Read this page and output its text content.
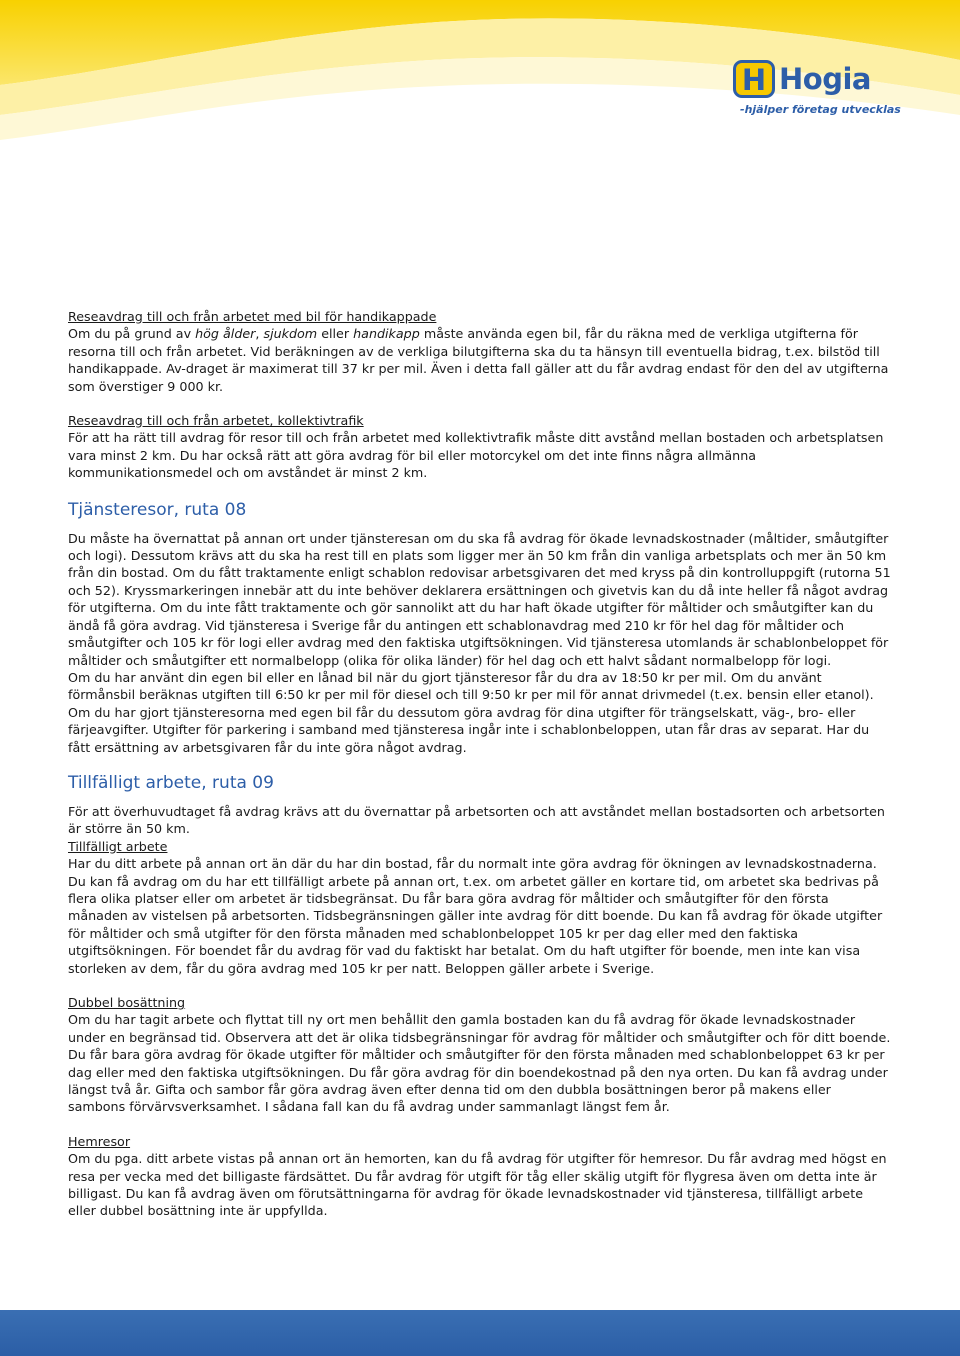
H Hogia
-hjälper företag utvecklas

Reseavdrag till och från arbetet med bil för handikappade

Om du på grund av hög ålder, sjukdom eller handikapp måste använda egen bil, får du räkna med de verkliga utgifterna för resorna till och från arbetet. Vid beräkningen av de verkliga bilutgifterna ska du ta hänsyn till eventuella bidrag, t.ex. bilstöd till handikappade. Av-draget är maximerat till 37 kr per mil. Även i detta fall gäller att du får avdrag endast för den del av utgifterna som överstiger 9 000 kr.

Reseavdrag till och från arbetet, kollektivtrafik

För att ha rätt till avdrag för resor till och från arbetet med kollektivtrafik måste ditt avstånd mellan bostaden och arbetsplatsen vara minst 2 km. Du har också rätt att göra avdrag för bil eller motorcykel om det inte finns några allmänna kommunikationsmedel och om avståndet är minst 2 km.

Tjänsteresor, ruta 08

Du måste ha övernattat på annan ort under tjänsteresan om du ska få avdrag för ökade levnadskostnader (måltider, småutgifter och logi). Dessutom krävs att du ska ha rest till en plats som ligger mer än 50 km från din vanliga arbetsplats och mer än 50 km från din bostad. Om du fått traktamente enligt schablon redovisar arbetsgivaren det med kryss på din kontrolluppgift (rutorna 51 och 52). Kryssmarkeringen innebär att du inte behöver deklarera ersättningen och givetvis kan du då inte heller få något avdrag för utgifterna. Om du inte fått traktamente och gör sannolikt att du har haft ökade utgifter för måltider och småutgifter kan du ändå få göra avdrag. Vid tjänsteresa i Sverige får du antingen ett schablonavdrag med 210 kr för hel dag för måltider och småutgifter och 105 kr för logi eller avdrag med den faktiska utgiftsökningen. Vid tjänsteresa utomlands är schablonbeloppet för måltider och småutgifter ett normalbelopp (olika för olika länder) för hel dag och ett halvt sådant normalbelopp för logi.

Om du har använt din egen bil eller en lånad bil när du gjort tjänsteresor får du dra av 18:50 kr per mil. Om du använt förmånsbil beräknas utgiften till 6:50 kr per mil för diesel och till 9:50 kr per mil för annat drivmedel (t.ex. bensin eller etanol). Om du har gjort tjänsteresorna med egen bil får du dessutom göra avdrag för dina utgifter för trängselskatt, väg-, bro- eller färjeavgifter. Utgifter för parkering i samband med tjänsteresa ingår inte i schablonbeloppen, utan får dras av separat. Har du fått ersättning av arbetsgivaren får du inte göra något avdrag.

Tillfälligt arbete, ruta 09

För att överhuvudtaget få avdrag krävs att du övernattar på arbetsorten och att avståndet mellan bostadsorten och arbetsorten är större än 50 km.

Tillfälligt arbete

Har du ditt arbete på annan ort än där du har din bostad, får du normalt inte göra avdrag för ökningen av levnadskostnaderna. Du kan få avdrag om du har ett tillfälligt arbete på annan ort, t.ex. om arbetet gäller en kortare tid, om arbetet ska bedrivas på flera olika platser eller om arbetet är tidsbegränsat. Du får bara göra avdrag för måltider och småutgifter för den första månaden av vistelsen på arbetsorten. Tidsbegränsningen gäller inte avdrag för ditt boende. Du kan få avdrag för ökade utgifter för måltider och små utgifter för den första månaden med schablonbeloppet 105 kr per dag eller med den faktiska utgiftsökningen. För boendet får du avdrag för vad du faktiskt har betalat. Om du haft utgifter för boende, men inte kan visa storleken av dem, får du göra avdrag med 105 kr per natt. Beloppen gäller arbete i Sverige.

Dubbel bosättning

Om du har tagit arbete och flyttat till ny ort men behållit den gamla bostaden kan du få avdrag för ökade levnadskostnader under en begränsad tid. Observera att det är olika tidsbegränsningar för avdrag för måltider och småutgifter och för ditt boende. Du får bara göra avdrag för ökade utgifter för måltider och småutgifter för den första månaden med schablonbeloppet 63 kr per dag eller med den faktiska utgiftsökningen. Du får göra avdrag för din boendekostnad på den nya orten. Du kan få avdrag under längst två år. Gifta och sambor får göra avdrag även efter denna tid om den dubbla bosättningen beror på makens eller sambons förvärvsverksamhet. I sådana fall kan du få avdrag under sammanlagt längst fem år.

Hemresor

Om du pga. ditt arbete vistas på annan ort än hemorten, kan du få avdrag för utgifter för hemresor. Du får avdrag med högst en resa per vecka med det billigaste färdsättet. Du får avdrag för utgift för tåg eller skälig utgift för flygresa även om detta inte är billigast. Du kan få avdrag även om förutsättningarna för avdrag för ökade levnadskostnader vid tjänsteresa, tillfälligt arbete eller dubbel bosättning inte är uppfyllda.
